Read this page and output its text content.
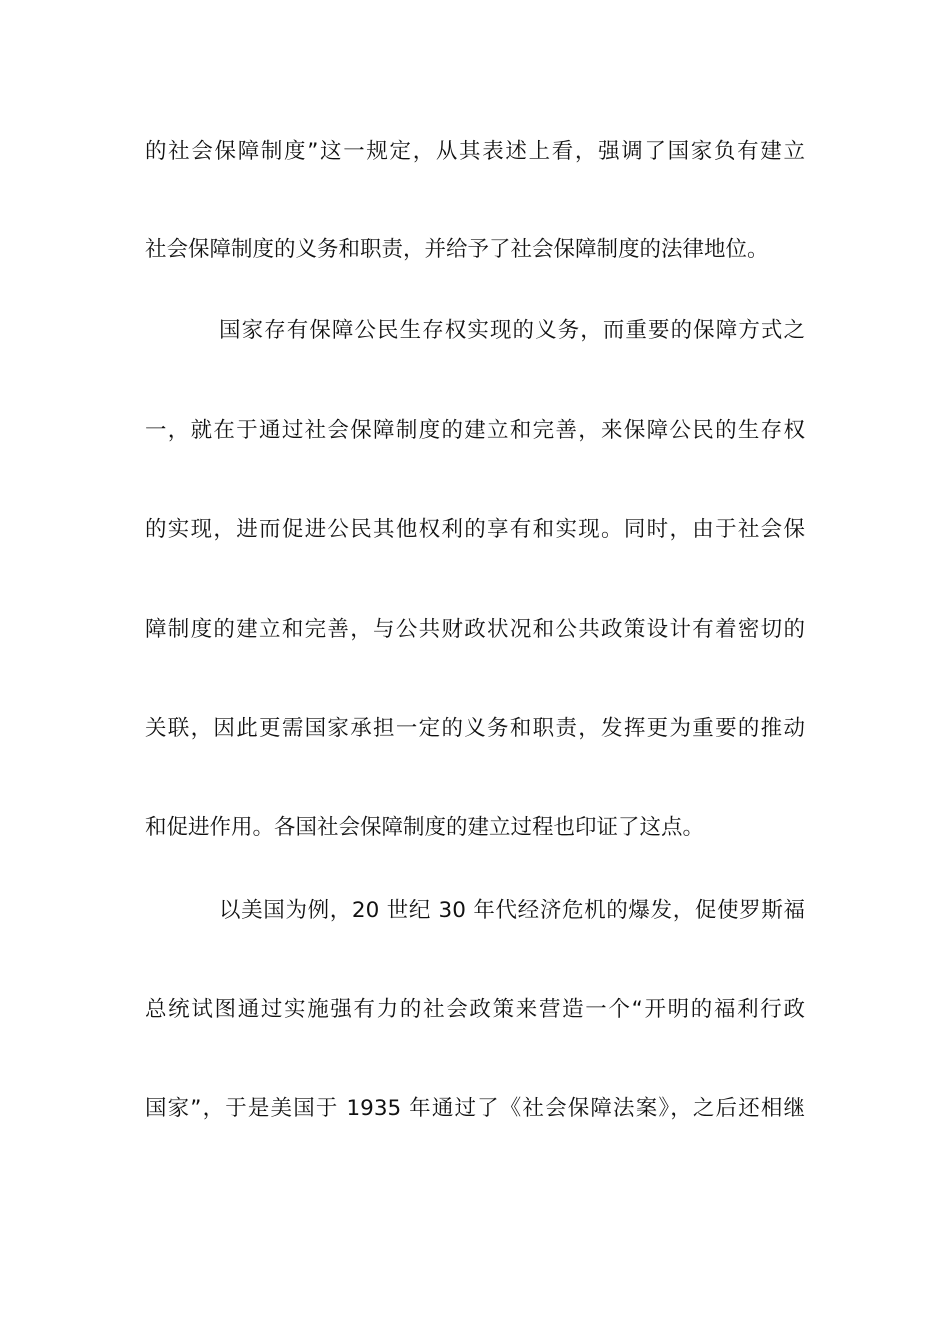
的社会保障制度”这一规定，从其表述上看，强调了国家负有建立
社会保障制度的义务和职责，并给予了社会保障制度的法律地位。
国家存有保障公民生存权实现的义务，而重要的保障方式之
一，就在于通过社会保障制度的建立和完善，来保障公民的生存权
的实现，进而促进公民其他权利的享有和实现。同时，由于社会保
障制度的建立和完善，与公共财政状况和公共政策设计有着密切的
关联，因此更需国家承担一定的义务和职责，发挥更为重要的推动
和促进作用。各国社会保障制度的建立过程也印证了这点。
以美国为例，20 世纪 30 年代经济危机的爆发，促使罗斯福
总统试图通过实施强有力的社会政策来营造一个“开明的福利行政
国家”，于是美国于 1935 年通过了《社会保障法案》，之后还相继
